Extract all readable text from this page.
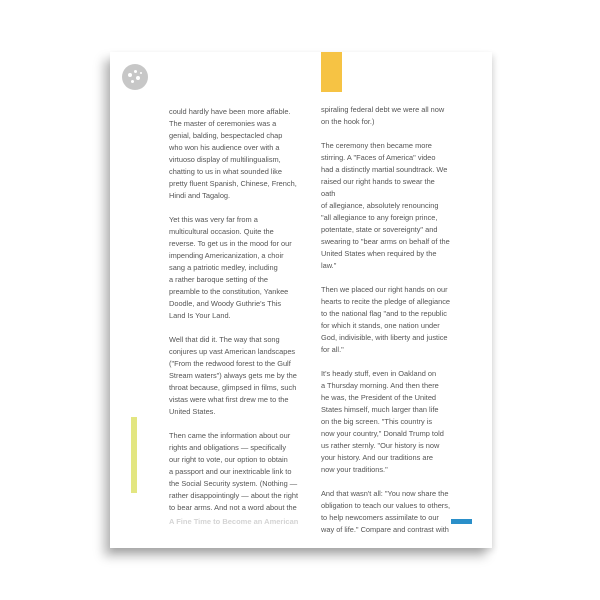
could hardly have been more affable.
The master of ceremonies was a
genial, balding, bespectacled chap
who won his audience over with a
virtuoso display of multilingualism,
chatting to us in what sounded like
pretty fluent Spanish, Chinese, French,
Hindi and Tagalog.

Yet this was very far from a
multicultural occasion. Quite the
reverse. To get us in the mood for our
impending Americanization, a choir
sang a patriotic medley, including
a rather baroque setting of the
preamble to the constitution, Yankee
Doodle, and Woody Guthrie's This
Land Is Your Land.

Well that did it. The way that song
conjures up vast American landscapes
("From the redwood forest to the Gulf
Stream waters") always gets me by the
throat because, glimpsed in films, such
vistas were what first drew me to the
United States.

Then came the information about our
rights and obligations — specifically
our right to vote, our option to obtain
a passport and our inextricable link to
the Social Security system. (Nothing —
rather disappointingly — about the right
to bear arms. And not a word about the

spiraling federal debt we were all now
on the hook for.)

The ceremony then became more
stirring. A "Faces of America" video
had a distinctly martial soundtrack. We
raised our right hands to swear the oath
of allegiance, absolutely renouncing
"all allegiance to any foreign prince,
potentate, state or sovereignty" and
swearing to "bear arms on behalf of the
United States when required by the law."

Then we placed our right hands on our
hearts to recite the pledge of allegiance
to the national flag "and to the republic
for which it stands, one nation under
God, indivisible, with liberty and justice
for all."

It's heady stuff, even in Oakland on
a Thursday morning. And then there
he was, the President of the United
States himself, much larger than life
on the big screen. "This country is
now your country," Donald Trump told
us rather sternly. "Our history is now
your history. And our traditions are
now your traditions."

And that wasn't all: "You now share the
obligation to teach our values to others,
to help newcomers assimilate to our
way of life." Compare and contrast with

A Fine Time to Become an American
